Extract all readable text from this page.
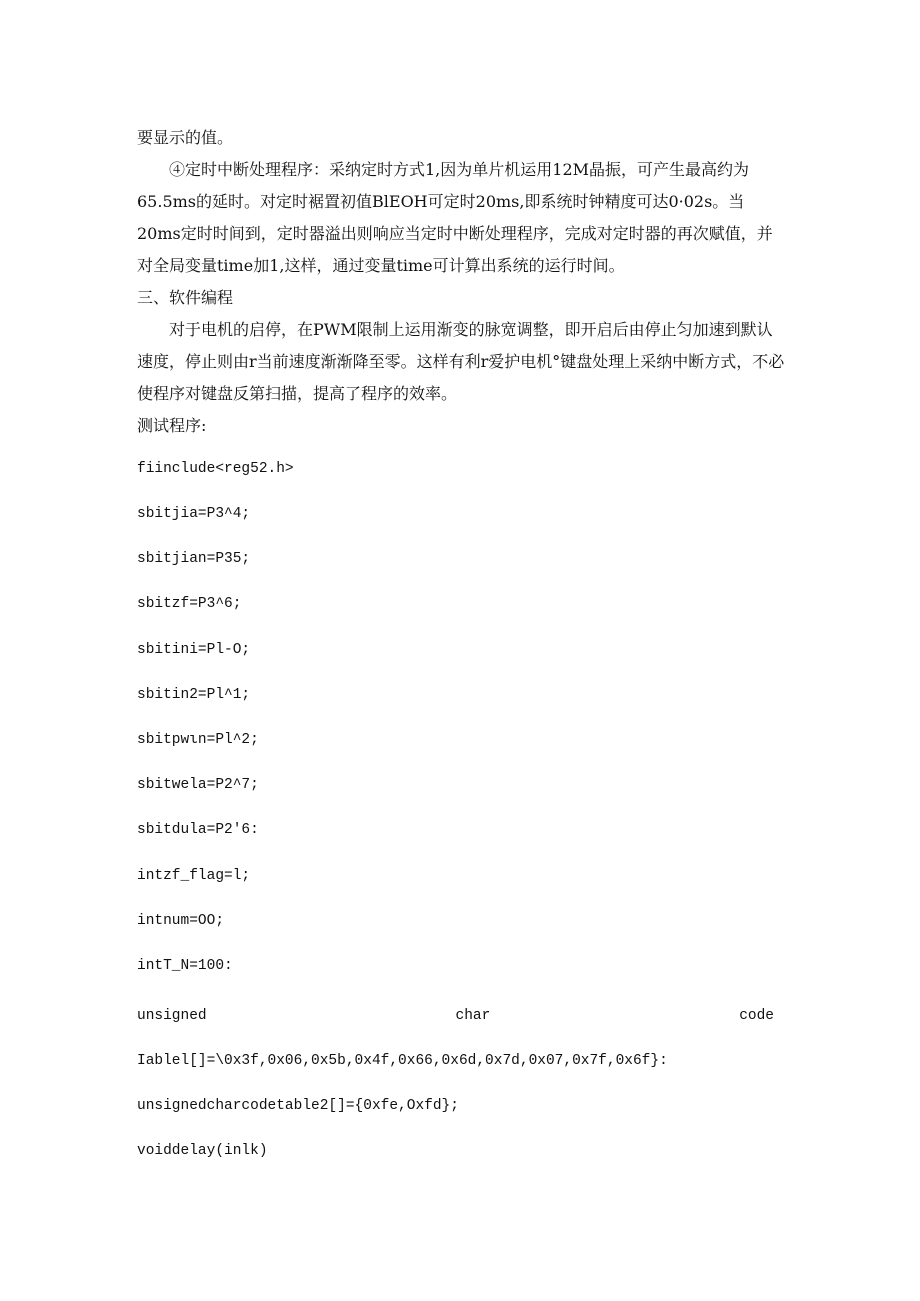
要显示的值。

④定时中断处理程序：采纳定时方式1,因为单片机运用12M晶振，可产生最高约为65.5ms的延时。对定时裾置初值BlEOH可定时20ms,即系统时钟精度可达0·02s。当20ms定时时间到，定时器溢出则响应当定时中断处理程序，完成对定时器的再次赋值，并对全局变量time加1,这样，通过变量time可计算出系统的运行时间。

三、软件编程

对于电机的启停，在PWM限制上运用渐变的脉宽调整，即开启后由停止匀加速到默认速度，停止则由r当前速度渐渐降至零。这样有利r爱护电机°键盘处理上采纳中断方式，不必使程序对键盘反第扫描，提高了程序的效率。

测试程序:

fiinclude<reg52.h>
sbitjia=P3^4;
sbitjian=P35;
sbitzf=P3^6;
sbitini=Pl-O;
sbitin2=Pl^1;
sbitpwιn=Pl^2;
sbitwela=P2^7;
sbitdula=P2'6:
intzf_flag=l;
intnum=OO;
intT_N=100:
unsigned	char	code
Iablel[]=\0x3f,0x06,0x5b,0x4f,0x66,0x6d,0x7d,0x07,0x7f,0x6f}:
unsignedcharcodetable2[]={0xfe,Oxfd};
voiddelay(inlk)
